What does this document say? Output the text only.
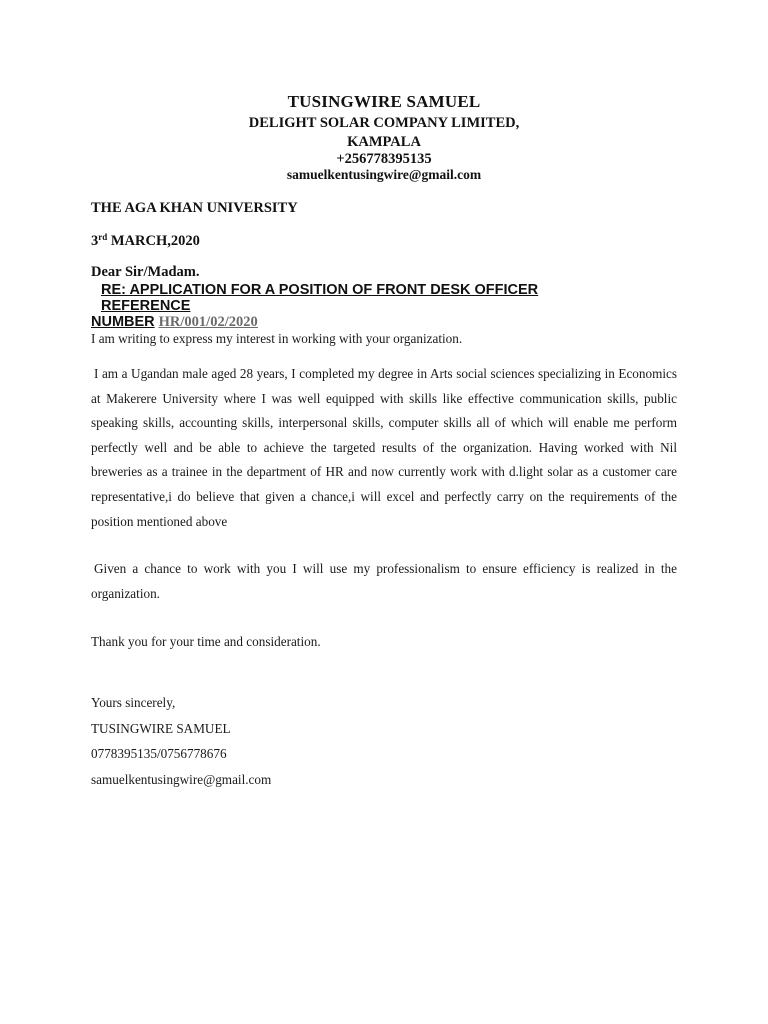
TUSINGWIRE SAMUEL
DELIGHT SOLAR COMPANY LIMITED,
KAMPALA
+256778395135
samuelkentusingwire@gmail.com
THE AGA KHAN UNIVERSITY
3rd MARCH,2020
Dear Sir/Madam.
RE: APPLICATION FOR A POSITION OF FRONT DESK OFFICER REFERENCE
NUMBER HR/001/02/2020
I am writing to express my interest in working with your organization.
I am a Ugandan male aged 28 years, I completed my degree in Arts social sciences specializing in Economics at Makerere University where I was well equipped with skills like effective communication skills, public speaking skills, accounting skills, interpersonal skills, computer skills all of which will enable me perform perfectly well and be able to achieve the targeted results of the organization. Having worked with Nil breweries as a trainee in the department of HR and now currently work with d.light solar as a customer care representative,i do believe that given a chance,i will excel and perfectly carry on the requirements of the position mentioned above
Given a chance to work with you I will use my professionalism to ensure efficiency is realized in the organization.
Thank you for your time and consideration.
Yours sincerely,
TUSINGWIRE SAMUEL
0778395135/0756778676
samuelkentusingwire@gmail.com
